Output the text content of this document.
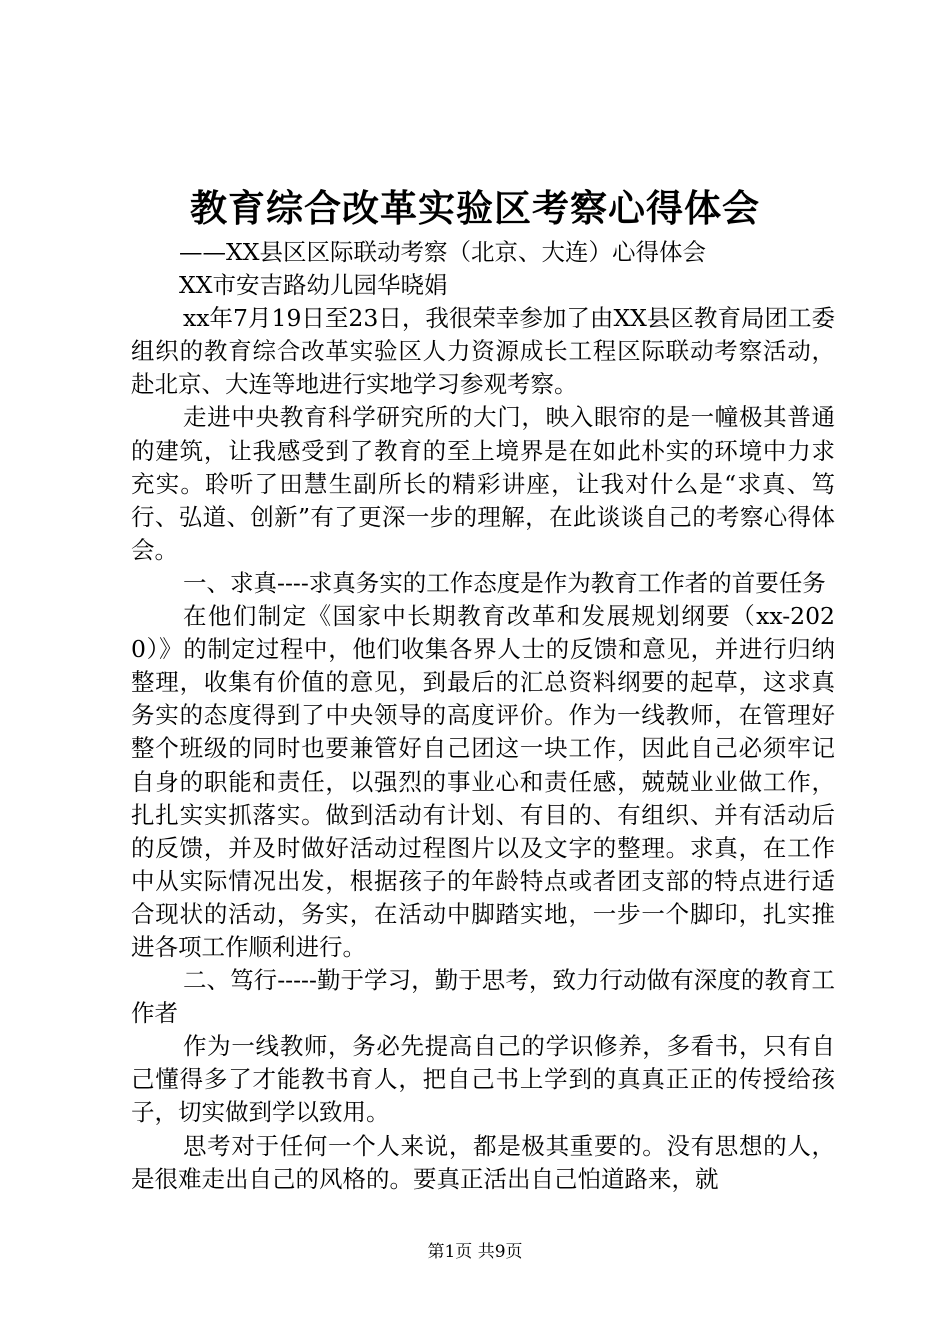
教育综合改革实验区考察心得体会

——XX县区区际联动考察（北京、大连）心得体会

XX市安吉路幼儿园华晓娟

xx年7月19日至23日，我很荣幸参加了由XX县区教育局团工委组织的教育综合改革实验区人力资源成长工程区际联动考察活动，赴北京、大连等地进行实地学习参观考察。

走进中央教育科学研究所的大门，映入眼帘的是一幢极其普通的建筑，让我感受到了教育的至上境界是在如此朴实的环境中力求充实。聆听了田慧生副所长的精彩讲座，让我对什么是“求真、笃行、弘道、创新”有了更深一步的理解，在此谈谈自己的考察心得体会。

一、求真----求真务实的工作态度是作为教育工作者的首要任务

在他们制定《国家中长期教育改革和发展规划纲要（xx-2020）》的制定过程中，他们收集各界人士的反馈和意见，并进行归纳整理，收集有价值的意见，到最后的汇总资料纲要的起草，这求真务实的态度得到了中央领导的高度评价。作为一线教师，在管理好整个班级的同时也要兼管好自己团这一块工作，因此自己必须牢记自身的职能和责任，以强烈的事业心和责任感，兢兢业业做工作，扎扎实实抓落实。做到活动有计划、有目的、有组织、并有活动后的反馈，并及时做好活动过程图片以及文字的整理。求真，在工作中从实际情况出发，根据孩子的年龄特点或者团支部的特点进行适合现状的活动，务实，在活动中脚踏实地，一步一个脚印，扎实推进各项工作顺利进行。

二、笃行-----勤于学习，勤于思考，致力行动做有深度的教育工作者

作为一线教师，务必先提高自己的学识修养，多看书，只有自己懂得多了才能教书育人，把自己书上学到的真真正正的传授给孩子，切实做到学以致用。

思考对于任何一个人来说，都是极其重要的。没有思想的人，是很难走出自己的风格的。要真正活出自己怕道路来，就

第1页 共9页
